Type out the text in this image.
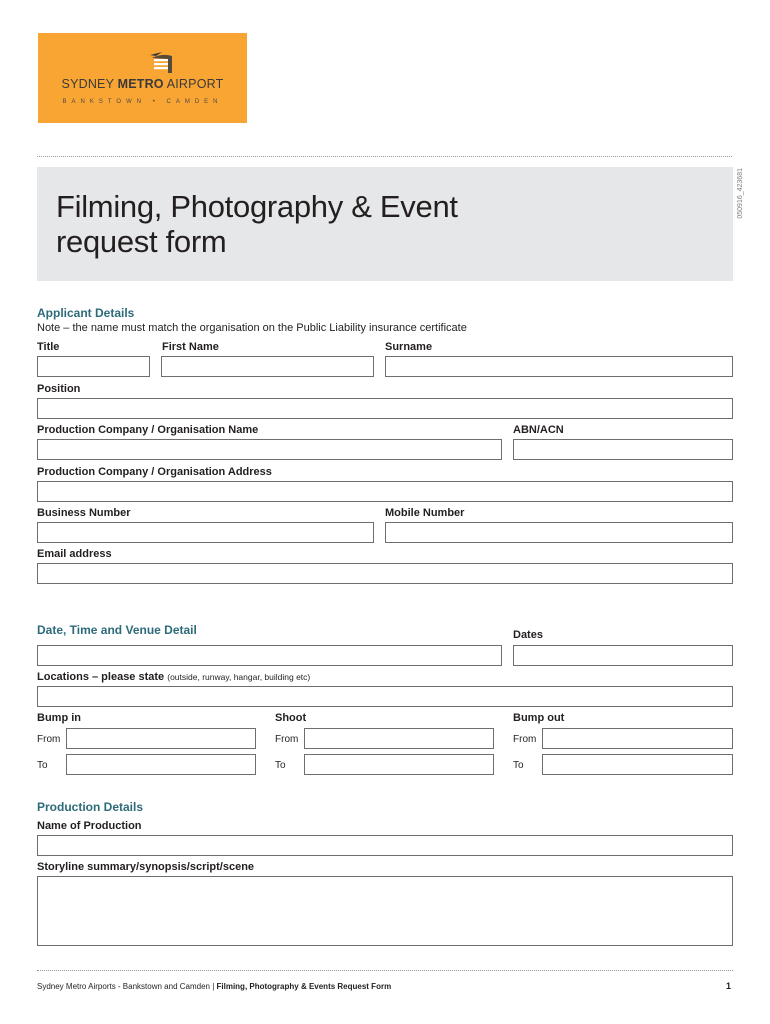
SYDNEY METRO AIRPORT
BANKSTOWN • CAMDEN
050916_423681
Filming, Photography & Event
request form
Applicant Details
Note – the name must match the organisation on the Public Liability insurance certificate
Title	First Name	Surname
Position
Production Company / Organisation Name	ABN/ACN
Production Company / Organisation Address
Business Number	Mobile Number
Email address
Date, Time and Venue Detail	Dates
Locations – please state (outside, runway, hangar, building etc)
Bump in	Shoot	Bump out
From	From	From
To	To	To
Production Details
Name of Production
Storyline summary/synopsis/script/scene
Sydney Metro Airports - Bankstown and Camden | Filming, Photography & Events Request Form	1
